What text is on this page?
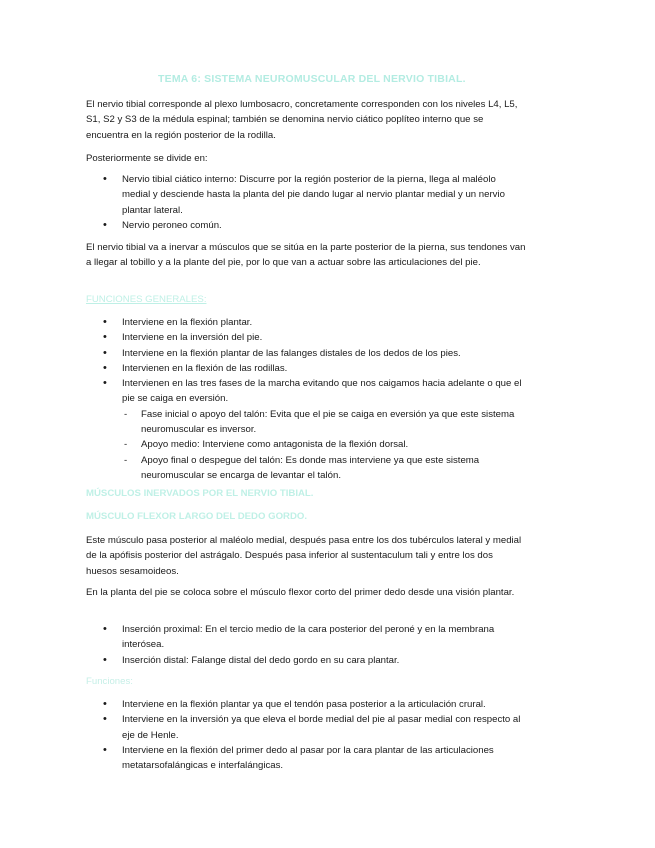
TEMA 6: SISTEMA NEUROMUSCULAR DEL NERVIO TIBIAL.
El nervio tibial corresponde al plexo lumbosacro, concretamente corresponden con los niveles L4, L5, S1, S2 y S3 de la médula espinal; también se denomina nervio ciático poplíteo interno que se encuentra en la región posterior de la rodilla.
Posteriormente se divide en:
• Nervio tibial ciático interno: Discurre por la región posterior de la pierna, llega al maléolo medial y desciende hasta la planta del pie dando lugar al nervio plantar medial y un nervio plantar lateral.
• Nervio peroneo común.
El nervio tibial va a inervar a músculos que se sitúa en la parte posterior de la pierna, sus tendones van a llegar al tobillo y a la plante del pie, por lo que van a actuar sobre las articulaciones del pie.
FUNCIONES GENERALES:
• Interviene en la flexión plantar.
• Interviene en la inversión del pie.
• Interviene en la flexión plantar de las falanges distales de los dedos de los pies.
• Intervienen en la flexión de las rodillas.
• Intervienen en las tres fases de la marcha evitando que nos caigamos hacia adelante o que el pie se caiga en eversión.
- Fase inicial o apoyo del talón: Evita que el pie se caiga en eversión ya que este sistema neuromuscular es inversor.
- Apoyo medio: Interviene como antagonista de la flexión dorsal.
- Apoyo final o despegue del talón: Es donde mas interviene ya que este sistema neuromuscular se encarga de levantar el talón.
MÚSCULOS INERVADOS POR EL NERVIO TIBIAL.
MÚSCULO FLEXOR LARGO DEL DEDO GORDO.
Este músculo pasa posterior al maléolo medial, después pasa entre los dos tubérculos lateral y medial de la apófisis posterior del astrágalo. Después pasa inferior al sustentaculum tali y entre los dos huesos sesamoideos.
En la planta del pie se coloca sobre el músculo flexor corto del primer dedo desde una visión plantar.
• Inserción proximal: En el tercio medio de la cara posterior del peroné y en la membrana interósea.
• Inserción distal: Falange distal del dedo gordo en su cara plantar.
Funciones:
• Interviene en la flexión plantar ya que el tendón pasa posterior a la articulación crural.
• Interviene en la inversión ya que eleva el borde medial del pie al pasar medial con respecto al eje de Henle.
• Interviene en la flexión del primer dedo al pasar por la cara plantar de las articulaciones metatarsofalángicas e interfalángicas.
